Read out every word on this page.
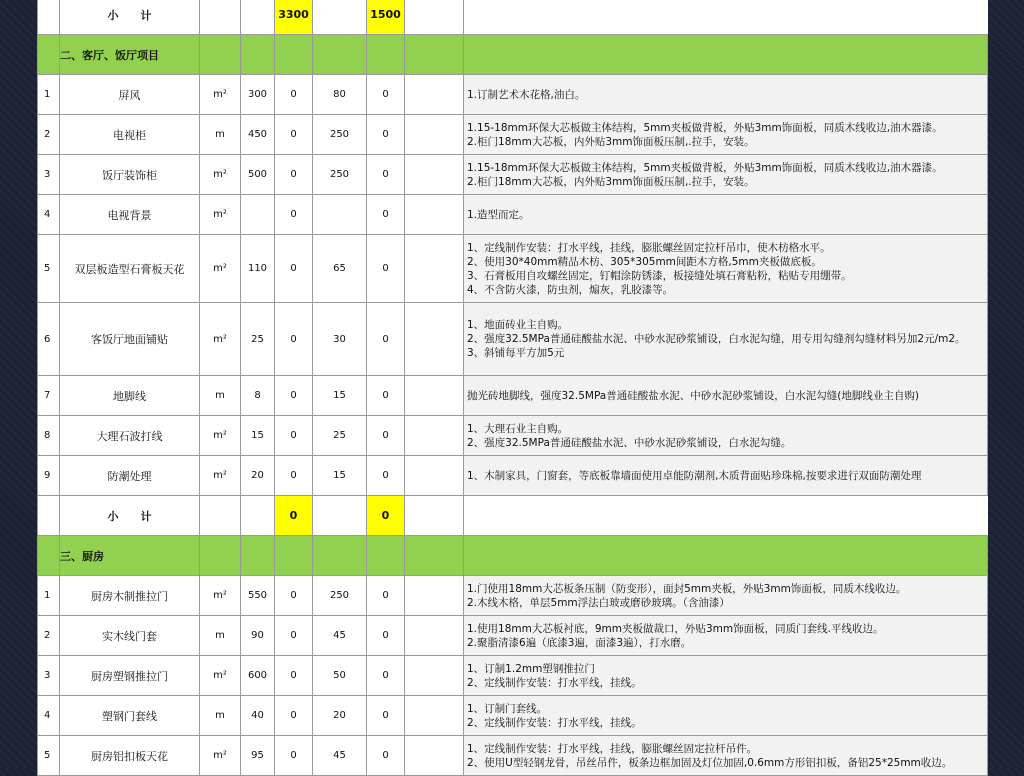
	小　　计			3300		1500		
	二、客厅、饭厅项目							
1	屏风	m²	300	0	80	0		1.订制艺术木花格,油白。
2	电视柜	m	450	0	250	0		1.15-18mm环保大芯板做主体结构，5mm夹板做背板，外贴3mm饰面板，同质木线收边,油木器漆。
2.柜门18mm大芯板，内外贴3mm饰面板压制,.拉手，安装。
3	饭厅装饰柜	m²	500	0	250	0		1.15-18mm环保大芯板做主体结构，5mm夹板做背板，外贴3mm饰面板，同质木线收边,油木器漆。
2.柜门18mm大芯板，内外贴3mm饰面板压制,.拉手，安装。
4	电视背景	m²		0		0		1.造型而定。
5	双层板造型石膏板天花	m²	110	0	65	0		1、定线制作安装：打水平线，挂线，膨胀螺丝固定拉杆吊巾，使木枋格水平。
2、使用30*40mm精品木枋、305*305mm间距木方格,5mm夹板做底板。
3、石膏板用自攻螺丝固定，钉帽涂防锈漆，板接缝处填石膏粘粉，粘贴专用绷带。
4、不含防火漆，防虫剂，煽灰，乳胶漆等。
6	客饭厅地面铺贴	m²	25	0	30	0		1、地面砖业主自购。
2、强度32.5MPa普通硅酸盐水泥、中砂水泥砂浆铺设，白水泥勾缝，用专用勾缝剂勾缝材料另加2元/m2。
3、斜铺每平方加5元
7	地脚线	m	8	0	15	0		抛光砖地脚线，强度32.5MPa普通硅酸盐水泥、中砂水泥砂浆铺设，白水泥勾缝(地脚线业主自购)
8	大理石波打线	m²	15	0	25	0		1、大理石业主自购。
2、强度32.5MPa普通硅酸盐水泥、中砂水泥砂浆铺设，白水泥勾缝。
9	防潮处理	m²	20	0	15	0		1、木制家具，门窗套，等底板靠墙面使用卓能防潮剂,木质背面贴珍珠棉,按要求进行双面防潮处理
	小　　计			0		0		
	三、厨房							
1	厨房木制推拉门	m²	550	0	250	0		1.门使用18mm大芯板条压制（防变形），面封5mm夹板，外贴3mm饰面板，同质木线收边。
2.木线木格，单层5mm浮法白玻或磨砂玻璃。（含油漆）
2	实木线门套	m	90	0	45	0		1.使用18mm大芯板衬底，9mm夹板做裁口，外贴3mm饰面板，同质门套线.平线收边。
2.聚脂清漆6遍（底漆3遍，面漆3遍），打水磨。
3	厨房塑钢推拉门	m²	600	0	50	0		1、订制1.2mm塑钢推拉门
2、定线制作安装：打水平线，挂线。
4	塑钢门套线	m	40	0	20	0		1、订制门套线。
2、定线制作安装：打水平线，挂线。
5	厨房铝扣板天花	m²	95	0	45	0		1、定线制作安装：打水平线，挂线，膨胀螺丝固定拉杆吊件。
2、使用U型轻钢龙骨，吊丝吊件，板条边框加固及灯位加固,0.6mm方形铝扣板，备铝25*25mm收边。
